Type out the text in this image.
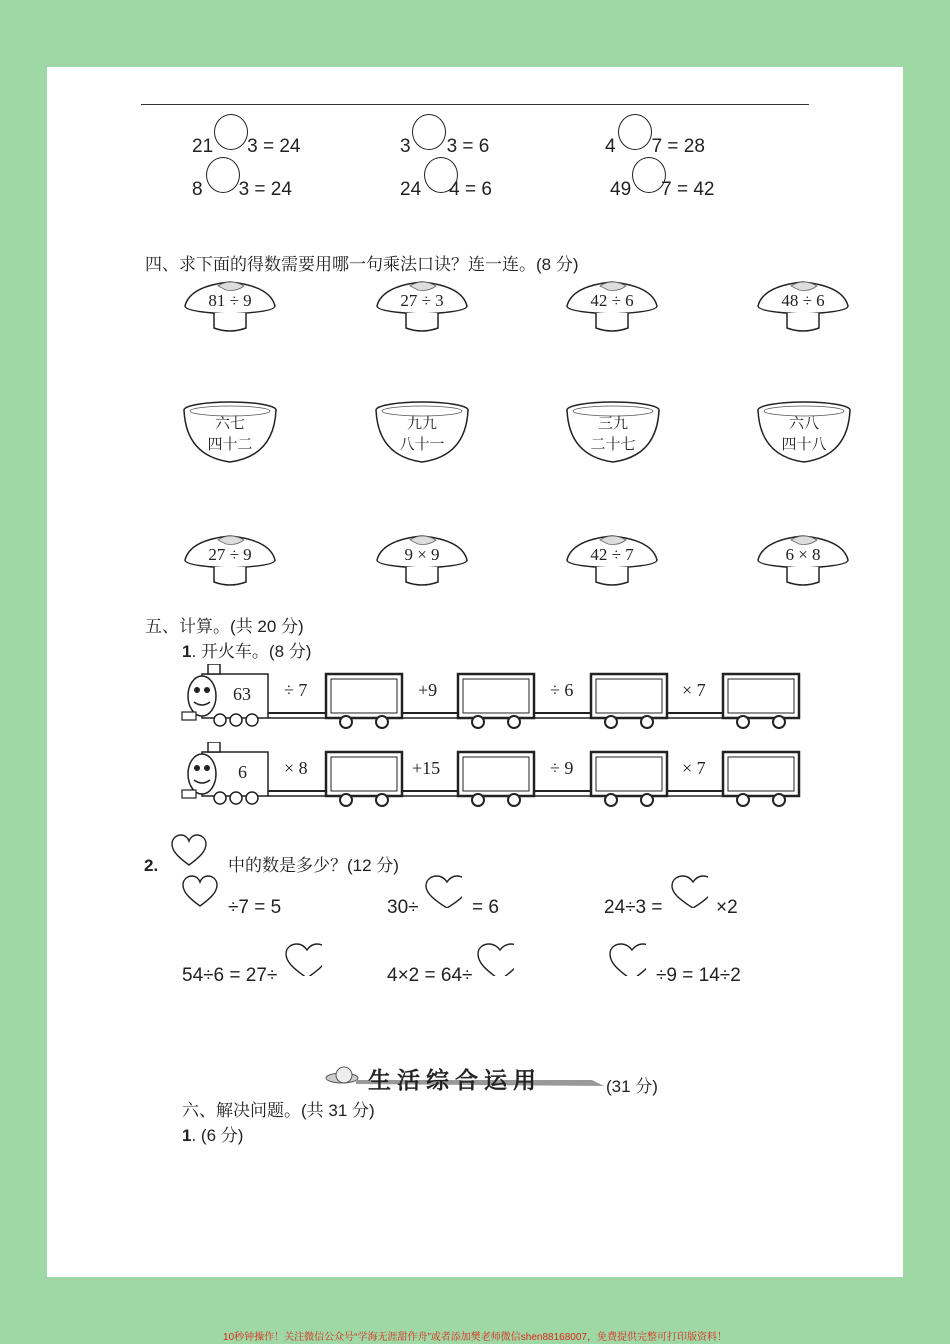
21 3 = 24	3 3 = 6	4 7 = 28
8 3 = 24	24 4 = 6	49 7 = 42
四、求下面的得数需要用哪一句乘法口诀？连一连。(8 分)
81 ÷ 9	27 ÷ 3	42 ÷ 6	48 ÷ 6
六七
四十二
九九
八十一
三九
二十七
六八
四十八
27 ÷ 9	9 × 9	42 ÷ 7	6 × 8
五、计算。(共 20 分)
1. 开火车。(8 分)
63 ÷ 7	+9	÷ 6	× 7
6 × 8	+15	÷ 9	× 7
2.	中的数是多少？(12 分)
÷7 = 5	30÷	= 6	24÷3 =	×2
54÷6 = 27÷	4×2 = 64÷	÷9 = 14÷2
生活综合运用	(31 分)
六、解决问题。(共 31 分)
1. (6 分)
10秒钟操作！关注微信公众号“学海无涯甜作舟”或者添加樊老师微信shen88168007，免费提供完整可打印版资料！
